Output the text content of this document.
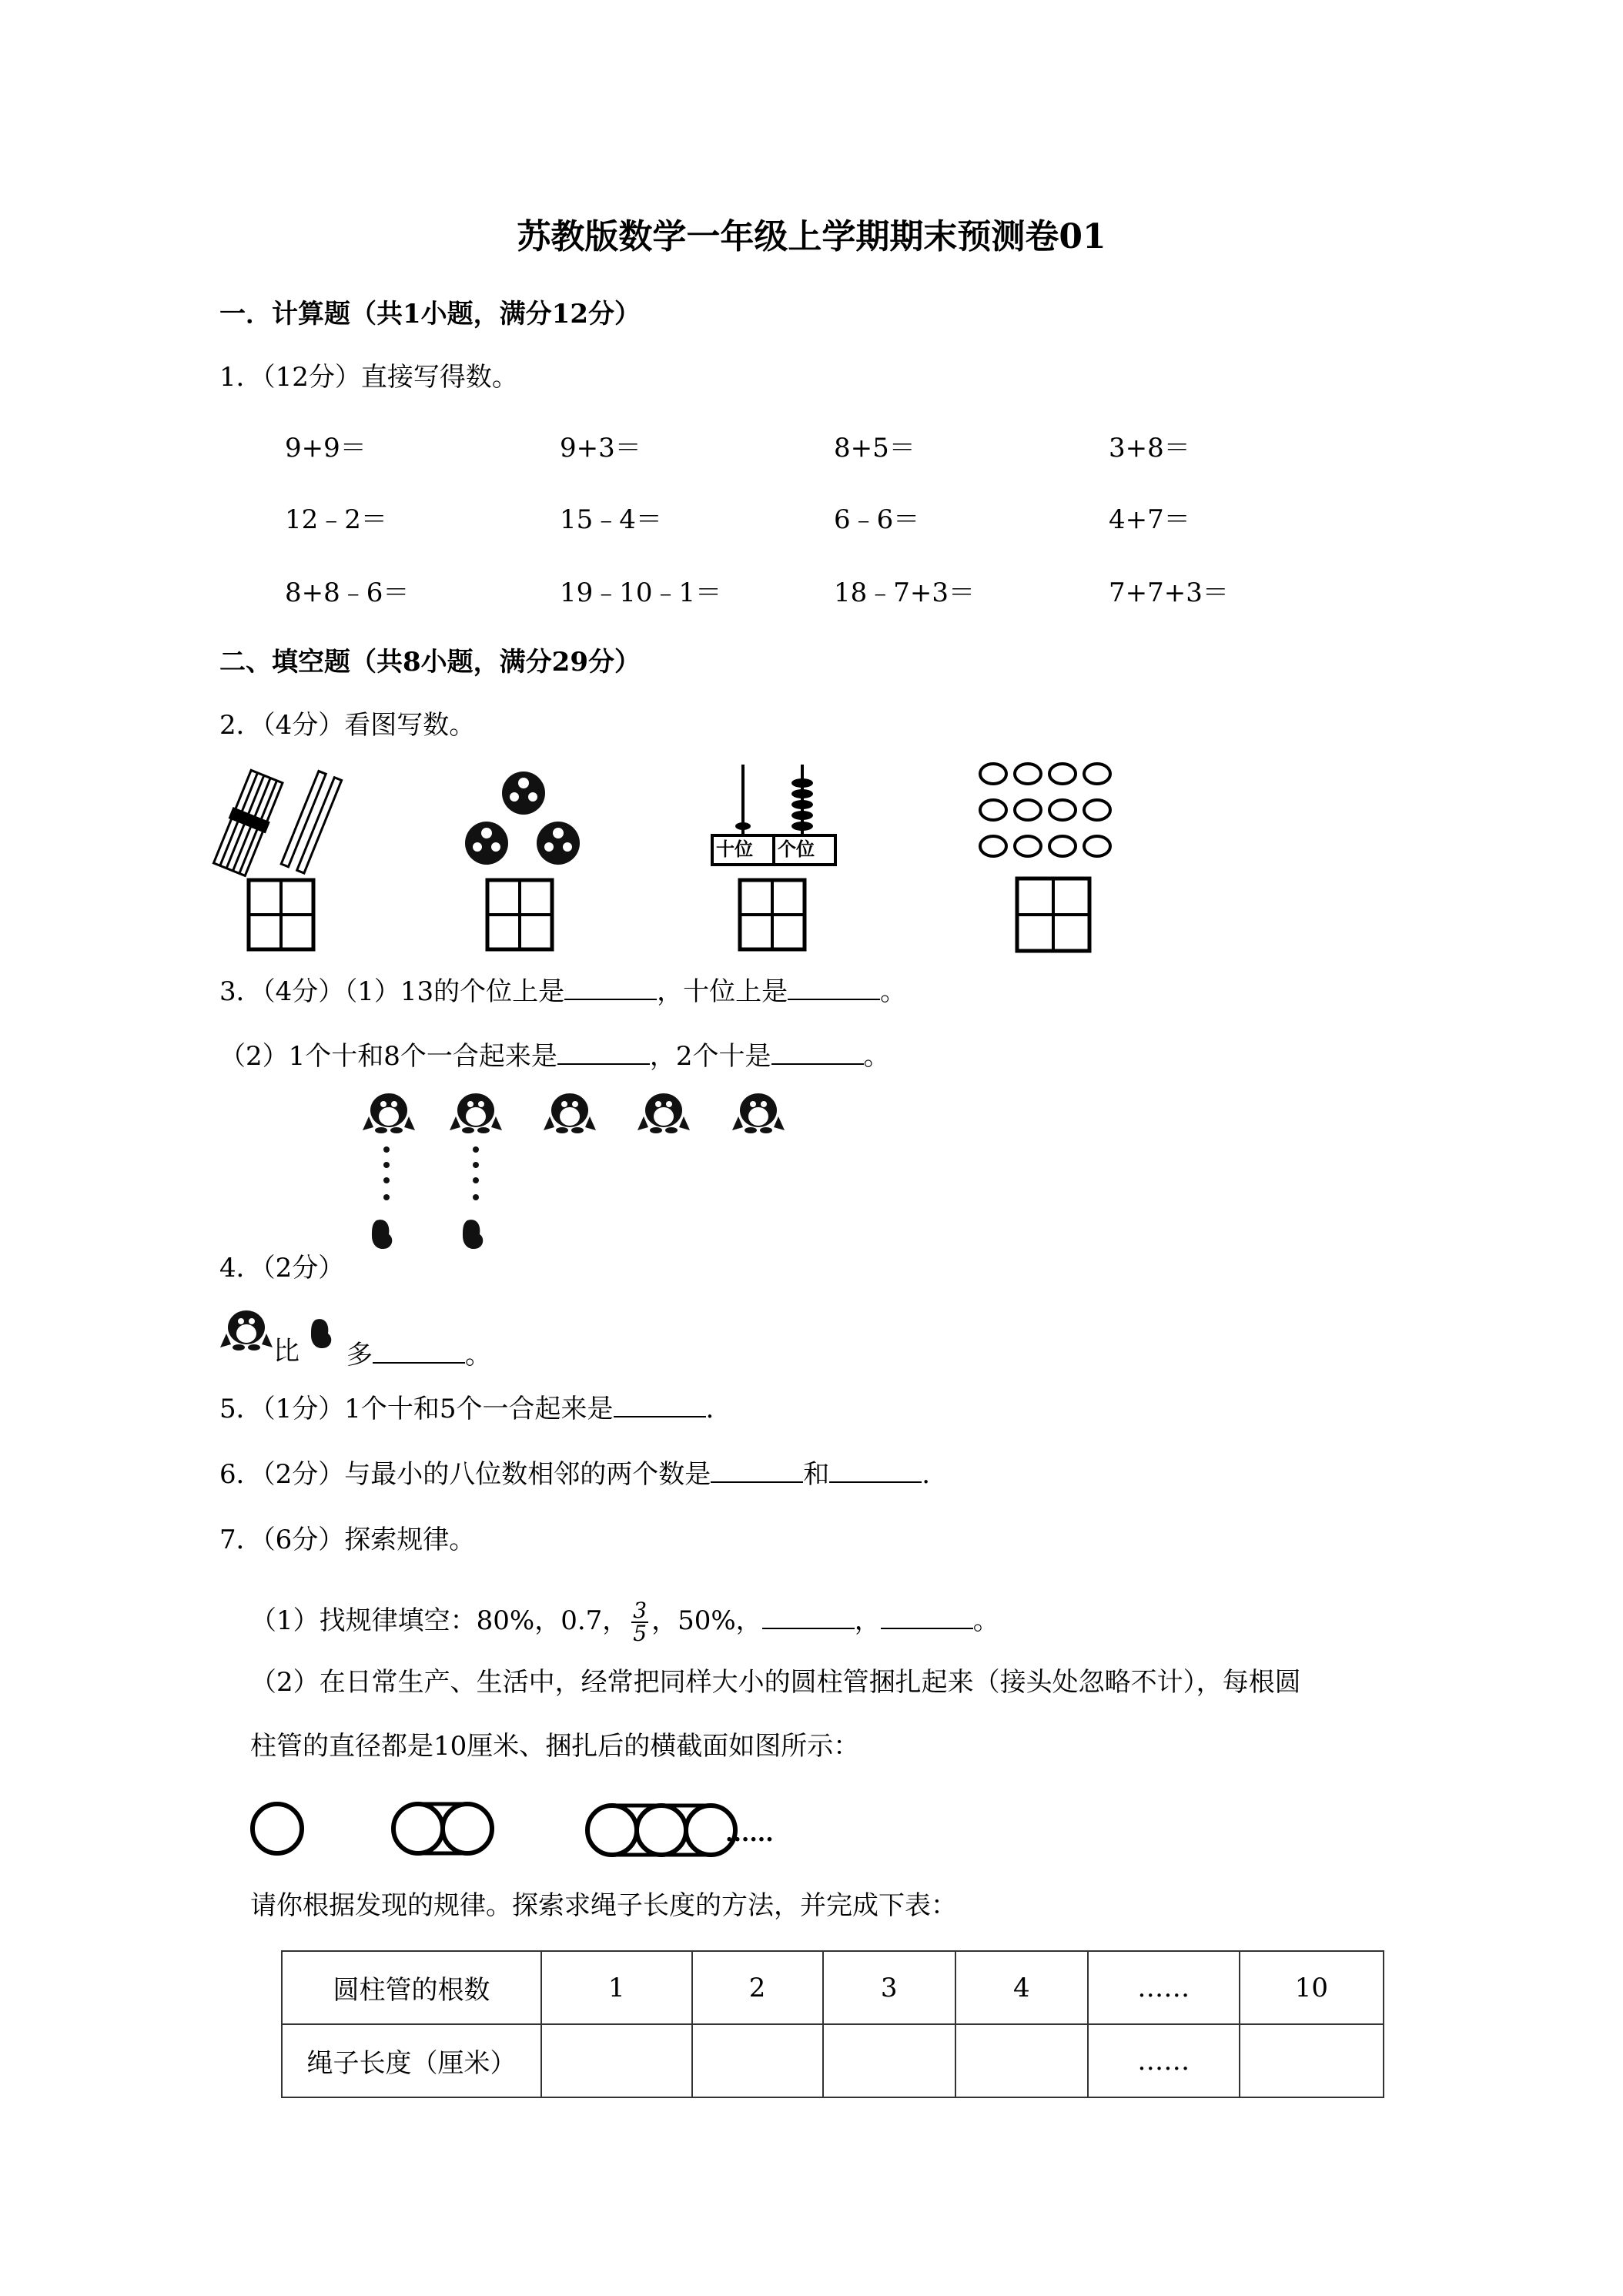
苏教版数学一年级上学期期末预测卷01
一．计算题（共1小题，满分12分）
1．（12分）直接写得数。
9+9＝	9+3＝	8+5＝	3+8＝
12﹣2＝	15﹣4＝	6﹣6＝	4+7＝
8+8﹣6＝	19﹣10﹣1＝	18﹣7+3＝	7+7+3＝
二、填空题（共8小题，满分29分）
2．（4分）看图写数。
十位 个位
3．（4分）（1）13的个位上是	，十位上是	。
（2）1个十和8个一合起来是	，2个十是	。
4．（2分）
比 多	。
5．（1分）1个十和5个一合起来是	.
6．（2分）与最小的八位数相邻的两个数是	和	.
7．（6分）探索规律。
（1）找规律填空：80%，0.7， $\frac{3}{5}$ ，50%，	，	。
（2）在日常生产、生活中，经常把同样大小的圆柱管捆扎起来（接头处忽略不计），每根圆
柱管的直径都是10厘米、捆扎后的横截面如图所示：
......
请你根据发现的规律。探索求绳子长度的方法，并完成下表：
圆柱管的根数	1	2	3	4	……	10
绳子长度（厘米）					……	
